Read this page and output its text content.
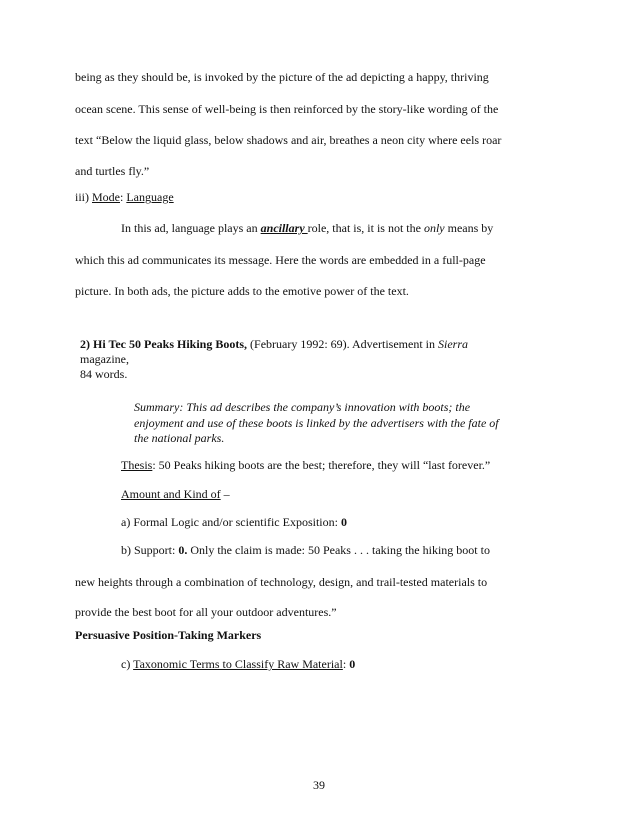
being as they should be, is invoked by the picture of the ad depicting a happy, thriving
ocean scene. This sense of well-being is then reinforced by the story-like wording of the
text “Below the liquid glass, below shadows and air, breathes a neon city where eels roar
and turtles fly.”
iii) Mode: Language
In this ad, language plays an ancillary role, that is, it is not the only means by
which this ad communicates its message. Here the words are embedded in a full-page
picture. In both ads, the picture adds to the emotive power of the text.
2) Hi Tec 50 Peaks Hiking Boots, (February 1992: 69). Advertisement in Sierra
magazine,
84 words.
Summary: This ad describes the company’s innovation with boots; the enjoyment and use of these boots is linked by the advertisers with the fate of the national parks.
Thesis: 50 Peaks hiking boots are the best; therefore, they will “last forever.”
Amount and Kind of –
a) Formal Logic and/or scientific Exposition: 0
b) Support: 0. Only the claim is made: 50 Peaks . . . taking the hiking boot to
new heights through a combination of technology, design, and trail-tested materials to
provide the best boot for all your outdoor adventures.”
Persuasive Position-Taking Markers
c) Taxonomic Terms to Classify Raw Material: 0
39
